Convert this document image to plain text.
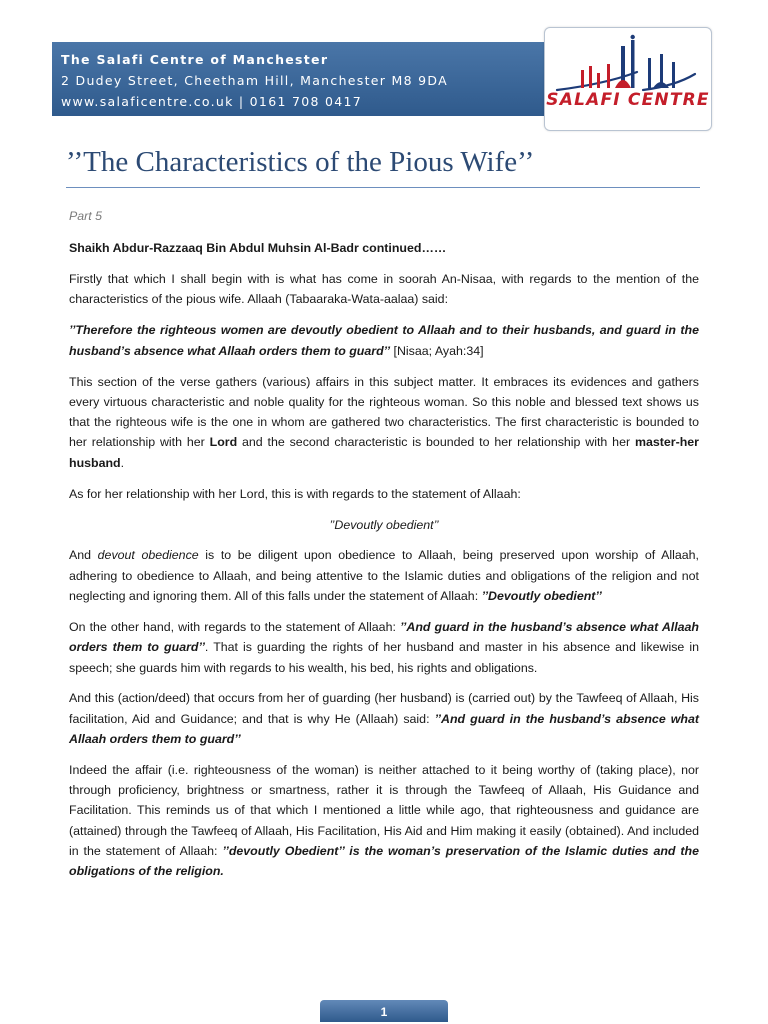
The Salafi Centre of Manchester
2 Dudey Street, Cheetham Hill, Manchester M8 9DA
www.salaficentre.co.uk | 0161 708 0417	SALAFI CENTRE
’’The Characteristics of the Pious Wife’’

Part 5

Shaikh Abdur-Razzaaq Bin Abdul Muhsin Al-Badr continued……

Firstly that which I shall begin with is what has come in soorah An-Nisaa, with regards to the mention of the characteristics of the pious wife. Allaah (Tabaaraka-Wata-aalaa) said:

’’Therefore the righteous women are devoutly obedient to Allaah and to their husbands, and guard in the husband’s absence what Allaah orders them to guard’’ [Nisaa; Ayah:34]

This section of the verse gathers (various) affairs in this subject matter. It embraces its evidences and gathers every virtuous characteristic and noble quality for the righteous woman. So this noble and blessed text shows us that the righteous wife is the one in whom are gathered two characteristics. The first characteristic is bounded to her relationship with her Lord and the second characteristic is bounded to her relationship with her master-her husband.

As for her relationship with her Lord, this is with regards to the statement of Allaah:

’’Devoutly obedient’’

And devout obedience is to be diligent upon obedience to Allaah, being preserved upon worship of Allaah, adhering to obedience to Allaah, and being attentive to the Islamic duties and obligations of the religion and not neglecting and ignoring them. All of this falls under the statement of Allaah: ’’Devoutly obedient’’

On the other hand, with regards to the statement of Allaah: ’’And guard in the husband’s absence what Allaah orders them to guard’’. That is guarding the rights of her husband and master in his absence and likewise in speech; she guards him with regards to his wealth, his bed, his rights and obligations.

And this (action/deed) that occurs from her of guarding (her husband) is (carried out) by the Tawfeeq of Allaah, His facilitation, Aid and Guidance; and that is why He (Allaah) said: ’’And guard in the husband’s absence what Allaah orders them to guard’’

Indeed the affair (i.e. righteousness of the woman) is neither attached to it being worthy of (taking place), nor through proficiency, brightness or smartness, rather it is through the Tawfeeq of Allaah, His Guidance and Facilitation. This reminds us of that which I mentioned a little while ago, that righteousness and guidance are (attained) through the Tawfeeq of Allaah, His Facilitation, His Aid and Him making it easily (obtained). And included in the statement of Allaah: ’’devoutly Obedient’’ is the woman’s preservation of the Islamic duties and the obligations of the religion.

1
